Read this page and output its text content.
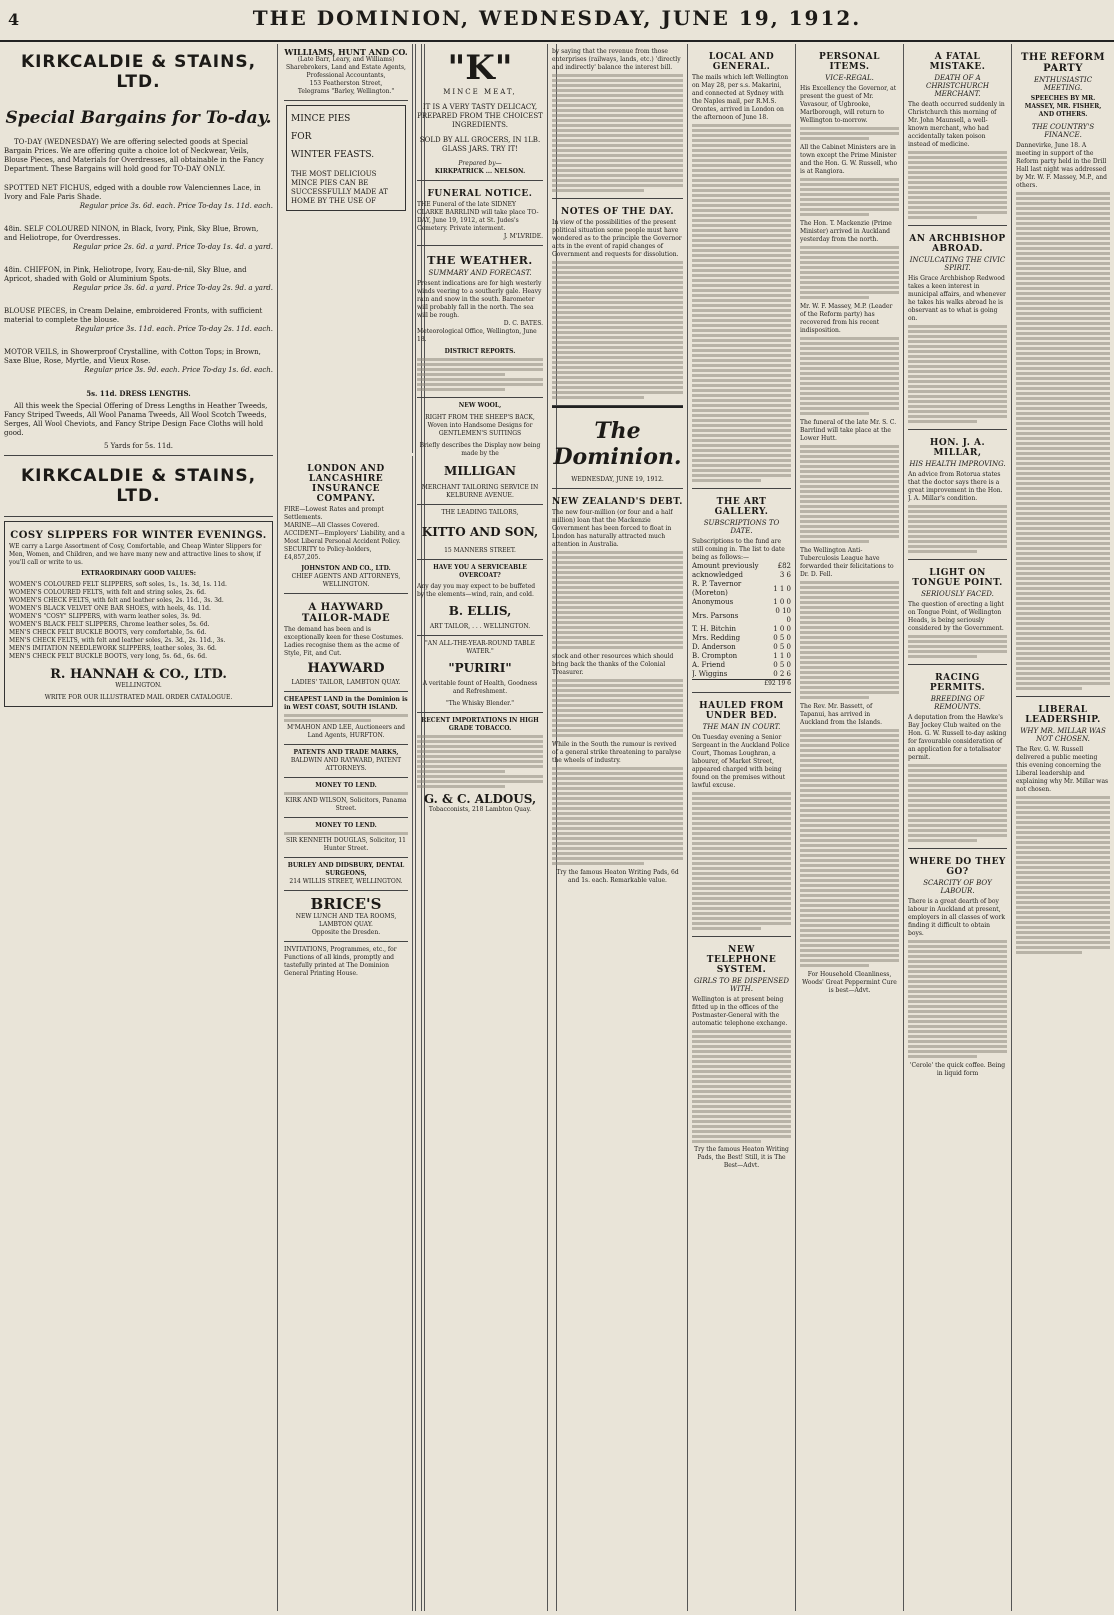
4	THE DOMINION, WEDNESDAY, JUNE 19, 1912.
KIRKCALDIE & STAINS, LTD.
Special Bargains for To-day.
TO-DAY (WEDNESDAY) We are offering selected goods at Special Bargain Prices. We are offering quite a choice lot of Neckwear, Veils, Blouse Pieces, and Materials for Overdresses, all obtainable in the Fancy Department. These Bargains will hold good for TO-DAY ONLY.
SPOTTED NET FICHUS, edged with a double row Valenciennes Lace, in Ivory and Fale Paris Shade.
Regular price 3s. 6d. each. Price To-day 1s. 11d. each.
48in. SELF COLOURED NINON, in Black, Ivory, Pink, Sky Blue, Brown, and Heliotrope, for Overdresses.
Regular price 2s. 6d. a yard. Price To-day 1s. 4d. a yard.
48in. CHIFFON, in Pink, Heliotrope, Ivory, Eau-de-nil, Sky Blue, and Apricot, shaded with Gold or Aluminium Spots.
Regular price 3s. 6d. a yard. Price To-day 2s. 9d. a yard.
BLOUSE PIECES, in Cream Delaine, embroidered Fronts, with sufficient material to complete the blouse.
Regular price 3s. 11d. each. Price To-day 2s. 11d. each.
MOTOR VEILS, in Showerproof Crystalline, with Cotton Tops; in Brown, Saxe Blue, Rose, Myrtle, and Vieux Rose.
Regular price 3s. 9d. each. Price To-day 1s. 6d. each.
5s. 11d. DRESS LENGTHS.
All this week the Special Offering of Dress Lengths in Heather Tweeds, Fancy Striped Tweeds, All Wool Panama Tweeds, All Wool Scotch Tweeds, Serges, All Wool Cheviots, and Fancy Stripe Design Face Cloths will hold good.
5 Yards for 5s. 11d.
KIRKCALDIE & STAINS, LTD.
COSY SLIPPERS FOR WINTER EVENINGS.
WE carry a Large Assortment of Cosy, Comfortable, and Cheap Winter Slippers for Men, Women, and Children, and we have many new and attractive lines to show, if you'll call or write to us.
EXTRAORDINARY GOOD VALUES:
WOMEN'S COLOURED FELT SLIPPERS, soft soles, 1s., 1s. 3d, 1s. 11d.
WOMEN'S COLOURED FELTS, with felt and string soles, 2s. 6d.
WOMEN'S CHECK FELTS, with felt and leather soles, 2s. 11d., 3s. 3d.
WOMEN'S BLACK VELVET ONE BAR SHOES, with heels, 4s. 11d.
WOMEN'S "COSY" SLIPPERS, with warm leather soles, 3s. 9d.
WOMEN'S BLACK FELT SLIPPERS, Chrome leather soles, 5s. 6d.
MEN'S CHECK FELT BUCKLE BOOTS, very comfortable, 5s. 6d.
MEN'S CHECK FELTS, with felt and leather soles, 2s. 3d., 2s. 11d., 3s.
MEN'S IMITATION NEEDLEWORK SLIPPERS, leather soles, 3s. 6d.
MEN'S CHECK FELT BUCKLE BOOTS, very long, 5s. 6d., 6s. 6d.
R. HANNAH & CO., LTD.
WELLINGTON.
WRITE FOR OUR ILLUSTRATED MAIL ORDER CATALOGUE.
LONDON AND LANCASHIRE INSURANCE COMPANY.
FIRE—Lowest Rates and prompt Settlements.
MARINE—All Classes Covered.
ACCIDENT—Employers' Liability, and a Most Liberal Personal Accident Policy.
SECURITY to Policy-holders, £4,857,205.
JOHNSTON AND CO., LTD.
CHIEF AGENTS AND ATTORNEYS, WELLINGTON.
A HAYWARD TAILOR-MADE
The demand has been and is exceptionally keen for these Costumes. Ladies recognise them as the acme of Style, Fit, and Cut.
HAYWARD
LADIES' TAILOR, LAMBTON QUAY.
CHEAPEST LAND in the Dominion is in WEST COAST, SOUTH ISLAND.
M'MAHON AND LEE, Auctioneers and Land Agents, HURFTON.
PATENTS AND TRADE MARKS,
BALDWIN AND RAYWARD, PATENT ATTORNEYS.
MONEY TO LEND.
KIRK AND WILSON, Solicitors, Panama Street.
MONEY TO LEND.
SIR KENNETH DOUGLAS, Solicitor, 11 Hunter Street.
BURLEY AND DIDSBURY, DENTAL SURGEONS,
214 WILLIS STREET, WELLINGTON.
BRICE'S
NEW LUNCH AND TEA ROOMS, LAMBTON QUAY.
Opposite the Dresden.
INVITATIONS, Programmes, etc., for Functions of all kinds, promptly and tastefully printed at The Dominion General Printing House.
WILLIAMS, HUNT AND CO.
(Late Barr, Leary, and Williams)
Sharebrokers, Land and Estate Agents, Professional Accountants,
153 Featherston Street,
Telegrams "Barley, Wellington."
MINCE PIES
FOR
WINTER FEASTS.
THE MOST DELICIOUS MINCE PIES CAN BE SUCCESSFULLY MADE AT HOME BY THE USE OF
"K"
MINCE MEAT,
IT IS A VERY TASTY DELICACY, PREPARED FROM THE CHOICEST INGREDIENTS.
SOLD BY ALL GROCERS, IN 1LB. GLASS JARS. TRY IT!
Prepared by—
KIRKPATRICK ... NELSON.
FUNERAL NOTICE.
THE Funeral of the late SIDNEY CLARKE BARRLIND will take place TO-DAY, June 19, 1912, at St. Judes's Cemetery. Private interment.
J. M'LVRIDE.
THE WEATHER.
SUMMARY AND FORECAST.
Present indications are for high westerly winds veering to a southerly gale. Heavy rain and snow in the south. Barometer will probably fall in the north. The sea will be rough.
D. C. BATES.
Meteorological Office, Wellington, June 18.
DISTRICT REPORTS.
NEW WOOL,
RIGHT FROM THE SHEEP'S BACK, Woven into Handsome Designs for GENTLEMEN'S SUITINGS
Briefly describes the Display now being made by the
MILLIGAN
MERCHANT TAILORING SERVICE IN KELBURNE AVENUE.
THE LEADING TAILORS,
KITTO AND SON,
15 MANNERS STREET.
HAVE YOU A SERVICEABLE OVERCOAT?
Any day you may expect to be buffeted by the elements—wind, rain, and cold.
B. ELLIS,
ART TAILOR, . . . WELLINGTON.
"AN ALL-THE-YEAR-ROUND TABLE WATER."
"PURIRI"
A veritable fount of Health, Goodness and Refreshment.
"The Whisky Blender."
RECENT IMPORTATIONS IN HIGH GRADE TOBACCO.
G. & C. ALDOUS,
Tobacconists, 218 Lambton Quay.
by saying that the revenue from those enterprises (railways, lands, etc.) 'directly and indirectly' balance the interest bill.
NOTES OF THE DAY.
In view of the possibilities of the present political situation some people must have wondered as to the principle the Governor acts in the event of rapid changes of Government and requests for dissolution.
The Dominion.
WEDNESDAY, JUNE 19, 1912.
NEW ZEALAND'S DEBT.
The new four-million (or four and a half million) loan that the Mackenzie Government has been forced to float in London has naturally attracted much attention in Australia.
stock and other resources which should bring back the thanks of the Colonial Treasurer.
While in the South the rumour is revived of a general strike threatening to paralyse the wheels of industry.
Try the famous Heaton Writing Pads, 6d and 1s. each. Remarkable value.
LOCAL AND GENERAL.
The mails which left Wellington on May 28, per s.s. Makarini, and connected at Sydney with the Naples mail, per R.M.S. Orontes, arrived in London on the afternoon of June 18.
THE ART GALLERY.
SUBSCRIPTIONS TO DATE.
Subscriptions to the fund are still coming in. The list to date being as follows:—
Amount previously acknowledged	£82 3 6
R. P. Tavernor (Moreton)	1 1 0
Anonymous	1 0 0
Mrs. Parsons	0 10 0
T. H. Bitchin	1 0 0
Mrs. Redding	0 5 0
D. Anderson	0 5 0
B. Crompton	1 1 0
A. Friend	0 5 0
J. Wiggins	0 2 6
£92 19 6
HAULED FROM UNDER BED.
THE MAN IN COURT.
On Tuesday evening a Senior Sergeant in the Auckland Police Court, Thomas Loughran, a labourer, of Market Street, appeared charged with being found on the premises without lawful excuse.
NEW TELEPHONE SYSTEM.
GIRLS TO BE DISPENSED WITH.
Wellington is at present being fitted up in the offices of the Postmaster-General with the automatic telephone exchange.
Try the famous Heaton Writing Pads, the Best! Still, it is The Best—Advt.
PERSONAL ITEMS.
VICE-REGAL.
His Excellency the Governor, at present the guest of Mr. Vavasour, of Ugbrooke, Marlborough, will return to Wellington to-morrow.
All the Cabinet Ministers are in town except the Prime Minister and the Hon. G. W. Russell, who is at Rangiora.
The Hon. T. Mackenzie (Prime Minister) arrived in Auckland yesterday from the north.
Mr. W. F. Massey, M.P. (Leader of the Reform party) has recovered from his recent indisposition.
The funeral of the late Mr. S. C. Barrlind will take place at the Lower Hutt.
The Wellington Anti-Tuberculosis League have forwarded their felicitations to Dr. D. Fell.
The Rev. Mr. Bassett, of Tapanui, has arrived in Auckland from the Islands.
For Household Cleanliness, Woods' Great Peppermint Cure is best—Advt.
A FATAL MISTAKE.
DEATH OF A CHRISTCHURCH MERCHANT.
The death occurred suddenly in Christchurch this morning of Mr. John Maunsell, a well-known merchant, who had accidentally taken poison instead of medicine.
AN ARCHBISHOP ABROAD.
INCULCATING THE CIVIC SPIRIT.
His Grace Archbishop Redwood takes a keen interest in municipal affairs, and whenever he takes his walks abroad he is observant as to what is going on.
HON. J. A. MILLAR,
HIS HEALTH IMPROVING.
An advice from Rotorua states that the doctor says there is a great improvement in the Hon. J. A. Millar's condition.
LIGHT ON TONGUE POINT.
SERIOUSLY FACED.
The question of erecting a light on Tongue Point, of Wellington Heads, is being seriously considered by the Government.
RACING PERMITS.
BREEDING OF REMOUNTS.
A deputation from the Hawke's Bay Jockey Club waited on the Hon. G. W. Russell to-day asking for favourable consideration of an application for a totalisator permit.
WHERE DO THEY GO?
SCARCITY OF BOY LABOUR.
There is a great dearth of boy labour in Auckland at present, employers in all classes of work finding it difficult to obtain boys.
'Cerole' the quick coffee. Being in liquid form
THE REFORM PARTY
ENTHUSIASTIC MEETING.
SPEECHES BY MR. MASSEY, MR. FISHER, AND OTHERS.
THE COUNTRY'S FINANCE.
Dannevirke, June 18. A meeting in support of the Reform party held in the Drill Hall last night was addressed by Mr. W. F. Massey, M.P., and others.
LIBERAL LEADERSHIP.
WHY MR. MILLAR WAS NOT CHOSEN.
The Rev. G. W. Russell delivered a public meeting this evening concerning the Liberal leadership and explaining why Mr. Millar was not chosen.
